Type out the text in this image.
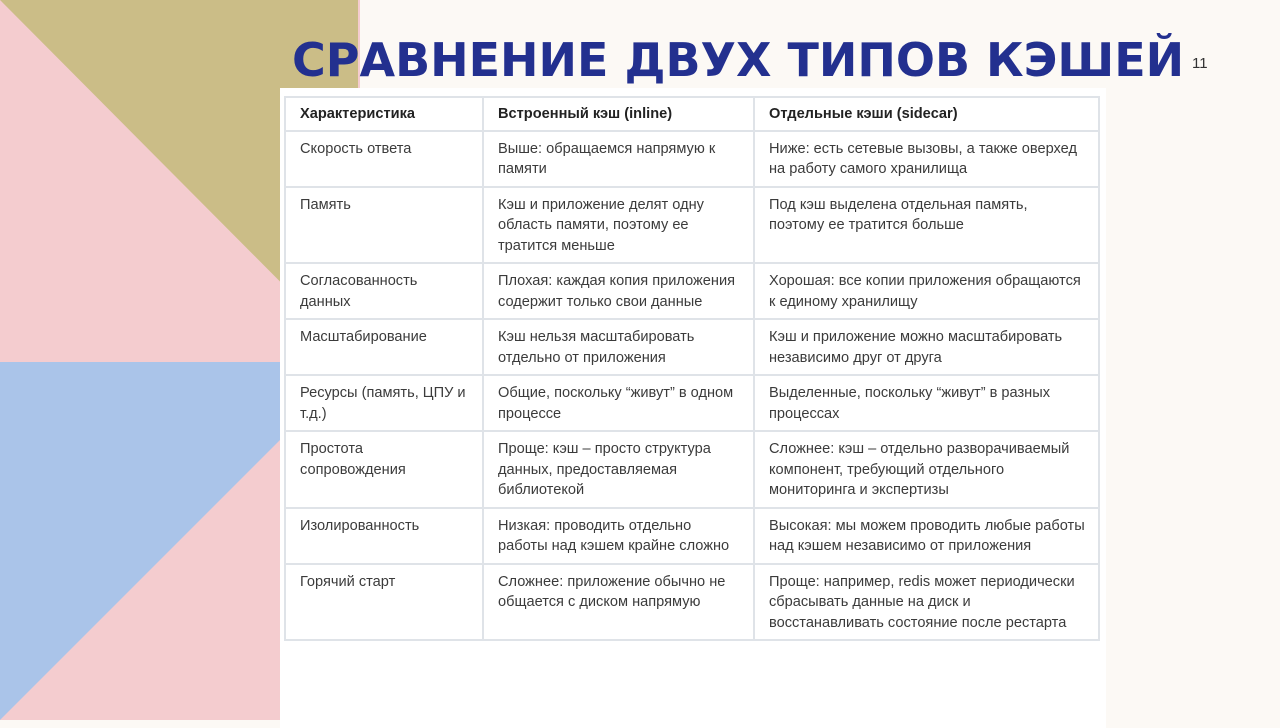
СРАВНЕНИЕ ДВУХ ТИПОВ КЭШЕЙ 11
Характеристика	Встроенный кэш (inline)	Отдельные кэши (sidecar)
Скорость ответа	Выше: обращаемся напрямую к памяти	Ниже: есть сетевые вызовы, а также оверхед на работу самого хранилища
Память	Кэш и приложение делят одну область памяти, поэтому ее тратится меньше	Под кэш выделена отдельная память, поэтому ее тратится больше
Согласованность данных	Плохая: каждая копия приложения содержит только свои данные	Хорошая: все копии приложения обращаются к единому хранилищу
Масштабирование	Кэш нельзя масштабировать отдельно от приложения	Кэш и приложение можно масштабировать независимо друг от друга
Ресурсы (память, ЦПУ и т.д.)	Общие, поскольку “живут” в одном процессе	Выделенные, поскольку “живут” в разных процессах
Простота сопровождения	Проще: кэш – просто структура данных, предоставляемая библиотекой	Сложнее: кэш – отдельно разворачиваемый компонент, требующий отдельного мониторинга и экспертизы
Изолированность	Низкая: проводить отдельно работы над кэшем крайне сложно	Высокая: мы можем проводить любые работы над кэшем независимо от приложения
Горячий старт	Сложнее: приложение обычно не общается с диском напрямую	Проще: например, redis может периодически сбрасывать данные на диск и восстанавливать состояние после рестарта
